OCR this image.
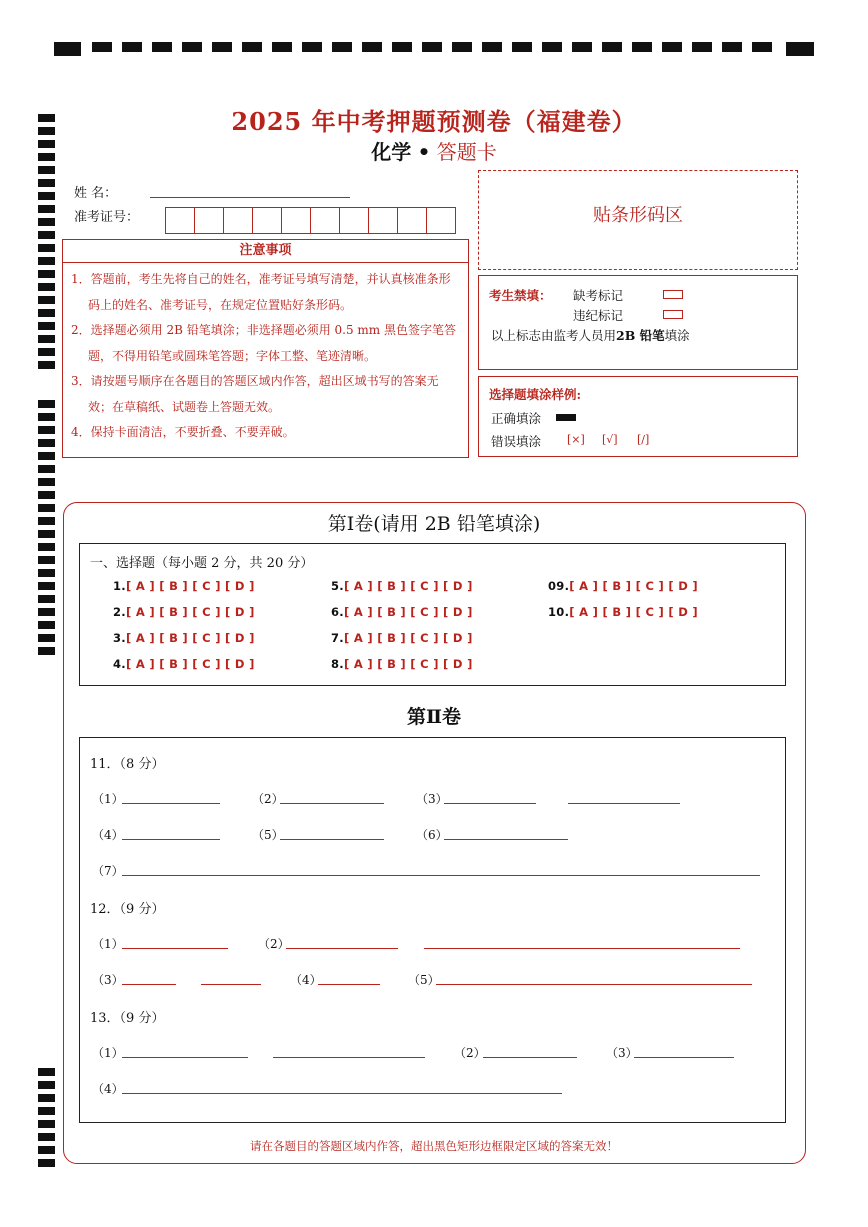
2025 年中考押题预测卷（福建卷）
化学 • 答题卡
姓 名：
准考证号：	贴条形码区
注意事项
1．答题前，考生先将自己的姓名，准考证号填写清楚，并认真核准条形码上的姓名、准考证号，在规定位置贴好条形码。
2．选择题必须用 2B 铅笔填涂；非选择题必须用 0.5 mm 黑色签字笔答题，不得用铅笔或圆珠笔答题；字体工整、笔迹清晰。
3．请按题号顺序在各题目的答题区域内作答，超出区域书写的答案无效；在草稿纸、试题卷上答题无效。
4．保持卡面清洁，不要折叠、不要弄破。
考生禁填： 缺考标记
违纪标记
以上标志由监考人员用2B 铅笔填涂
选择题填涂样例:
正确填涂
错误填涂 [×] [√] [/]
第Ⅰ卷(请用 2B 铅笔填涂)
一、选择题（每小题 2 分，共 20 分）
1.[ A ] [ B ] [ C ] [ D ]
2.[ A ] [ B ] [ C ] [ D ]
3.[ A ] [ B ] [ C ] [ D ]
4.[ A ] [ B ] [ C ] [ D ]
5.[ A ] [ B ] [ C ] [ D ]
6.[ A ] [ B ] [ C ] [ D ]
7.[ A ] [ B ] [ C ] [ D ]
8.[ A ] [ B ] [ C ] [ D ]
09.[ A ] [ B ] [ C ] [ D ]
10.[ A ] [ B ] [ C ] [ D ]
第Ⅱ卷
11．（8 分）
（1）	（2）	（3）
（4）	（5）	（6）
（7）
12．（9 分）
（1）	（2）
（3）	（4）	（5）
13．（9 分）
（1）	（2）	（3）
（4）
请在各题目的答题区域内作答，超出黑色矩形边框限定区域的答案无效！
